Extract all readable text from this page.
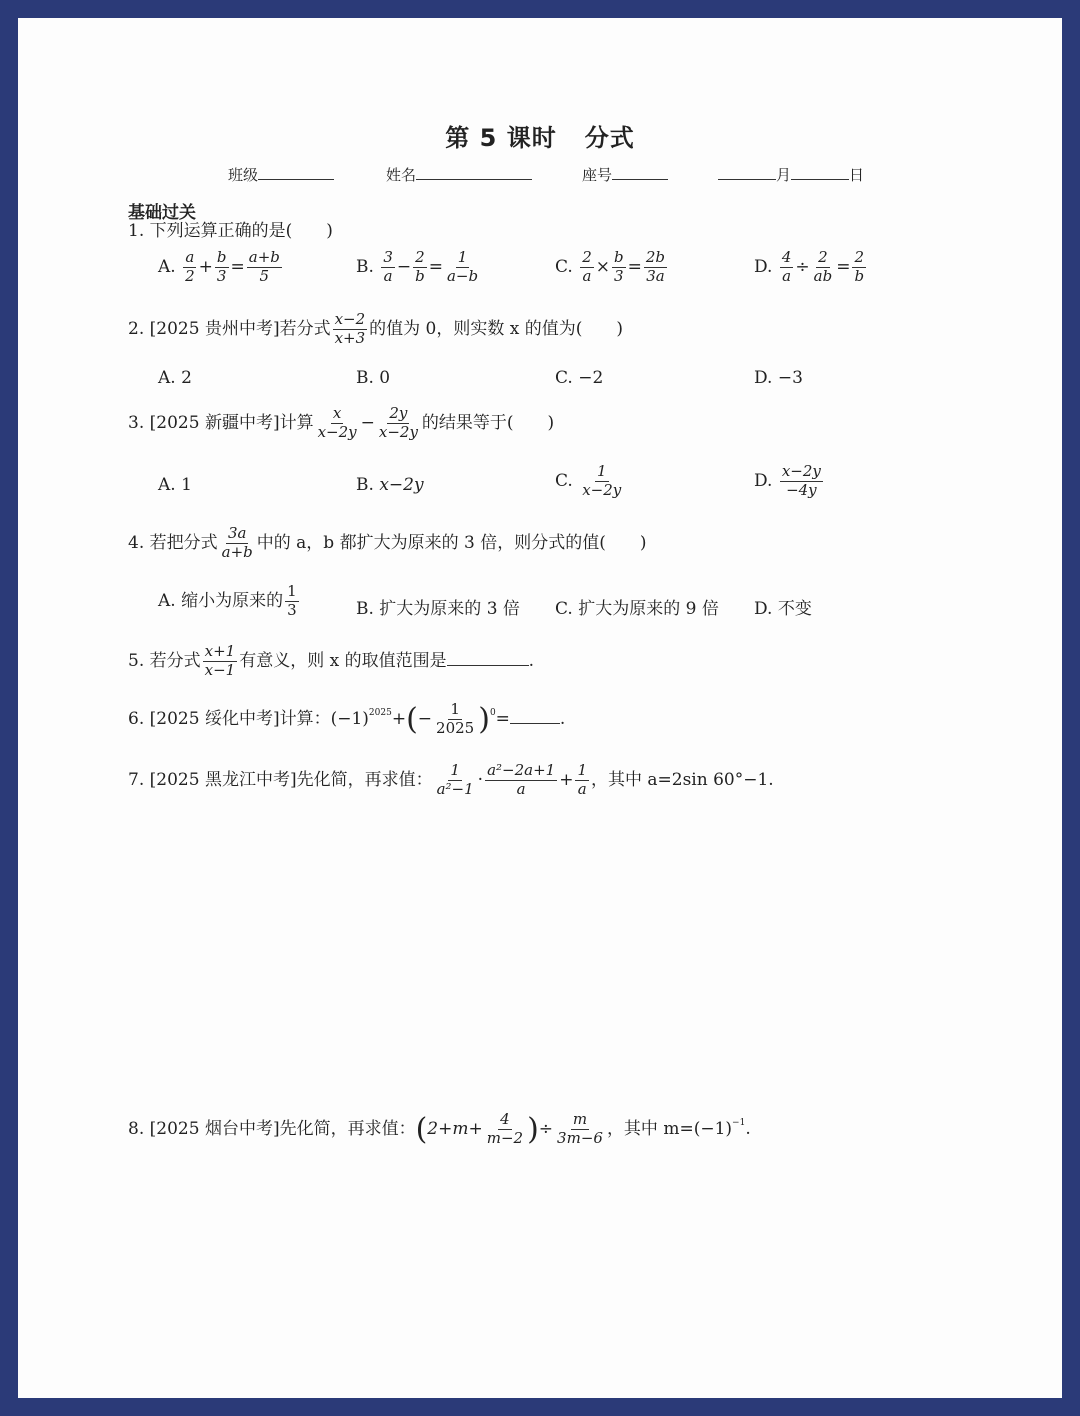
第 5 课时 分式
班级	姓名	座号	月	日
基础过关
1. 下列运算正确的是(　　)
A. $\frac{a}{2} + \frac{b}{3} = \frac{a+b}{5}$	B. $\frac{3}{a} - \frac{2}{b} = \frac{1}{a-b}$	C. $\frac{2}{a} \times \frac{b}{3} = \frac{2b}{3a}$	D. $\frac{4}{a} \div \frac{2}{ab} = \frac{2}{b}$
2. [2025 贵州中考]若分式 $\frac{x-2}{x+3}$ 的值为 0，则实数 x 的值为(　　)
A. 2	B. 0	C. −2	D. −3
3. [2025 新疆中考]计算 $\frac{x}{x-2y} - \frac{2y}{x-2y}$ 的结果等于(　　)
A. 1	B. x−2y	C. $\frac{1}{x-2y}$	D. $\frac{x-2y}{-4y}$
4. 若把分式 $\frac{3a}{a+b}$ 中的 a，b 都扩大为原来的 3 倍，则分式的值(　　)
A. 缩小为原来的 $\frac{1}{3}$	B. 扩大为原来的 3 倍 C. 扩大为原来的 9 倍 D. 不变
5. 若分式 $\frac{x+1}{x-1}$ 有意义，则 x 的取值范围是	.
6. [2025 绥化中考]计算：$(-1)^{2025}+(- \frac{1}{2025} )^0=$	.
7. [2025 黑龙江中考]先化简，再求值： $\frac{1}{\text{a²−1}} \cdot \frac{\text{a²−2a+1}}{a} + \frac{1}{a}$ ，其中 a=2sin 60°−1.
8. [2025 烟台中考]先化简，再求值：($2+m+ \frac{4}{m-2}$ )÷ $\frac{m}{3m-6}$ ，其中 $m=(-1)^{-1}$.
